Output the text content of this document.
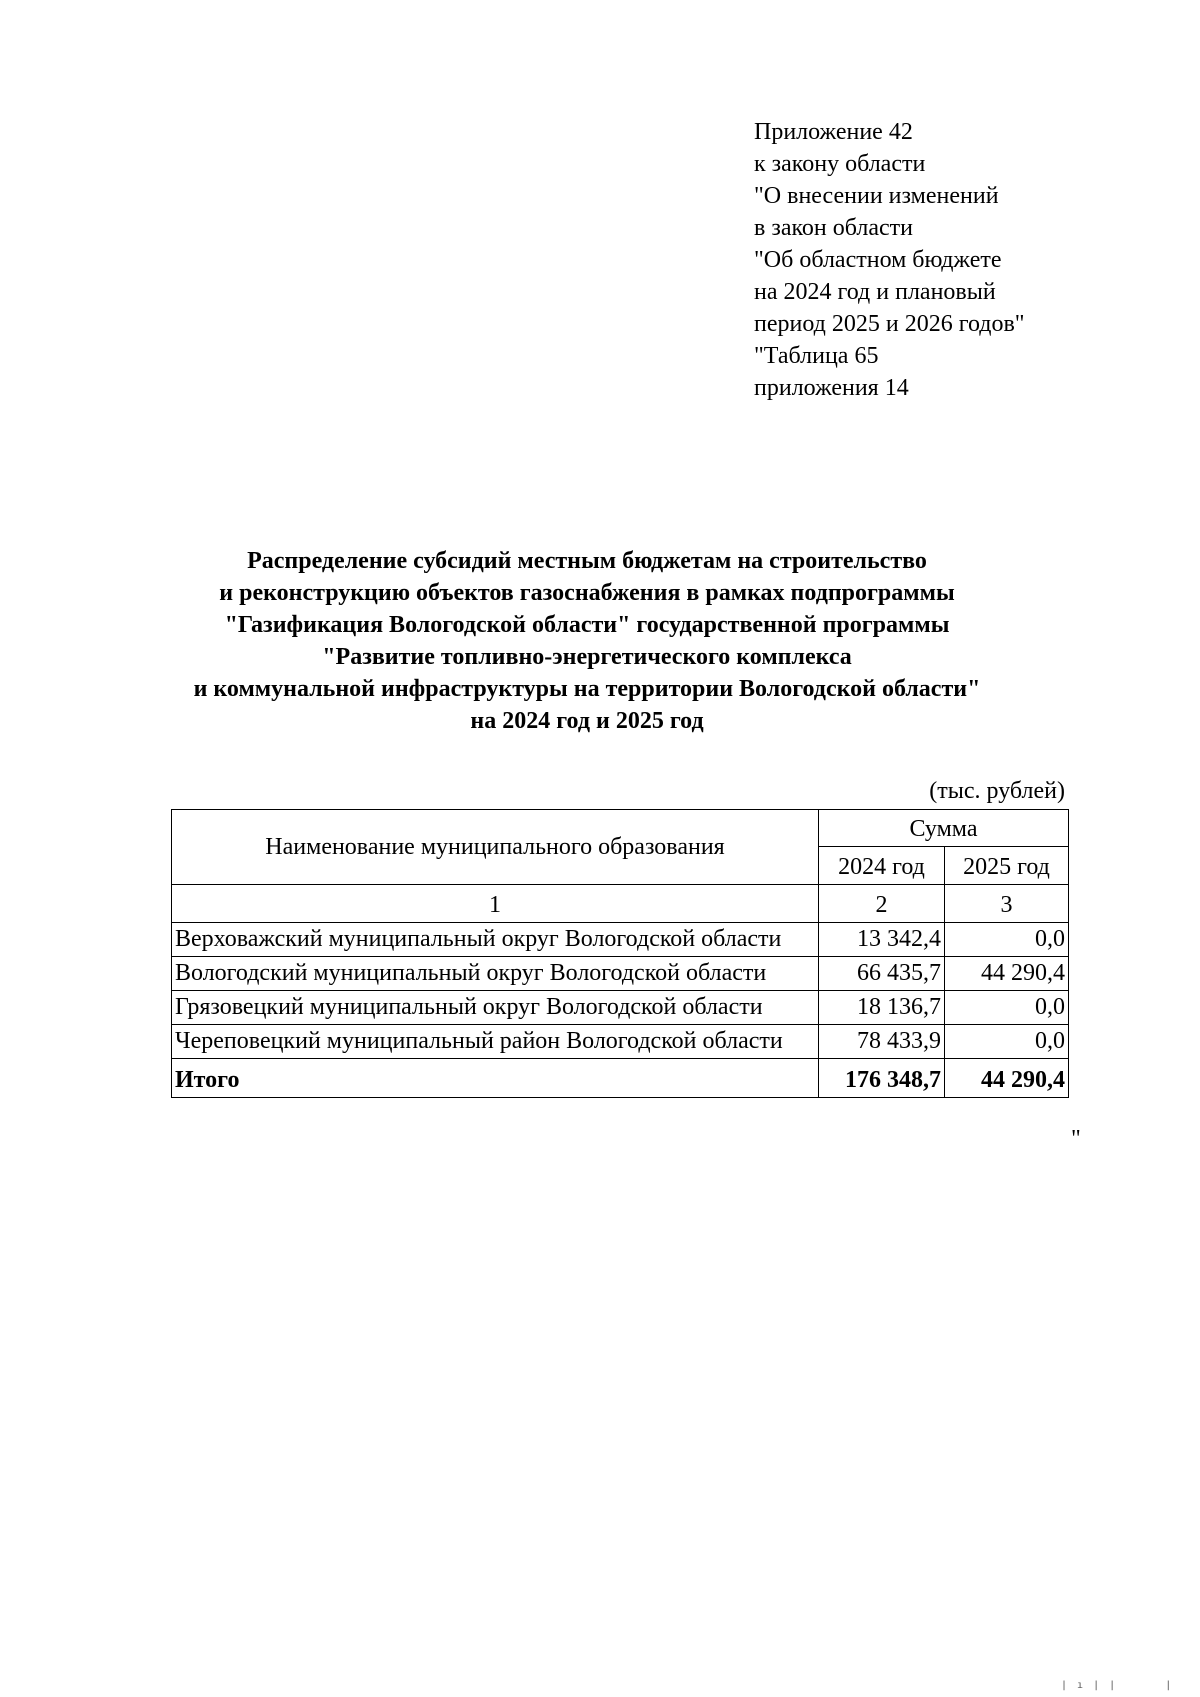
Приложение 42
к закону области
"О внесении изменений
в закон области
"Об областном бюджете
на 2024 год и плановый
период 2025 и 2026 годов"
"Таблица 65
приложения 14
Распределение субсидий местным бюджетам на строительство
и реконструкцию объектов газоснабжения в рамках подпрограммы
"Газификация Вологодской области" государственной программы
"Развитие топливно-энергетического комплекса
и коммунальной инфраструктуры на территории Вологодской области"
на 2024 год и 2025 год
(тыс. рублей)
Наименование муниципального образования	Сумма	
	2024 год	2025 год
1	2	3
Верховажский муниципальный округ Вологодской области	13 342,4	0,0
Вологодский муниципальный округ Вологодской области	66 435,7	44 290,4
Грязовецкий муниципальный округ Вологодской области	18 136,7	0,0
Череповецкий муниципальный район Вологодской области	78 433,9	0,0
Итого	176 348,7	44 290,4
"
| ı | |      |
